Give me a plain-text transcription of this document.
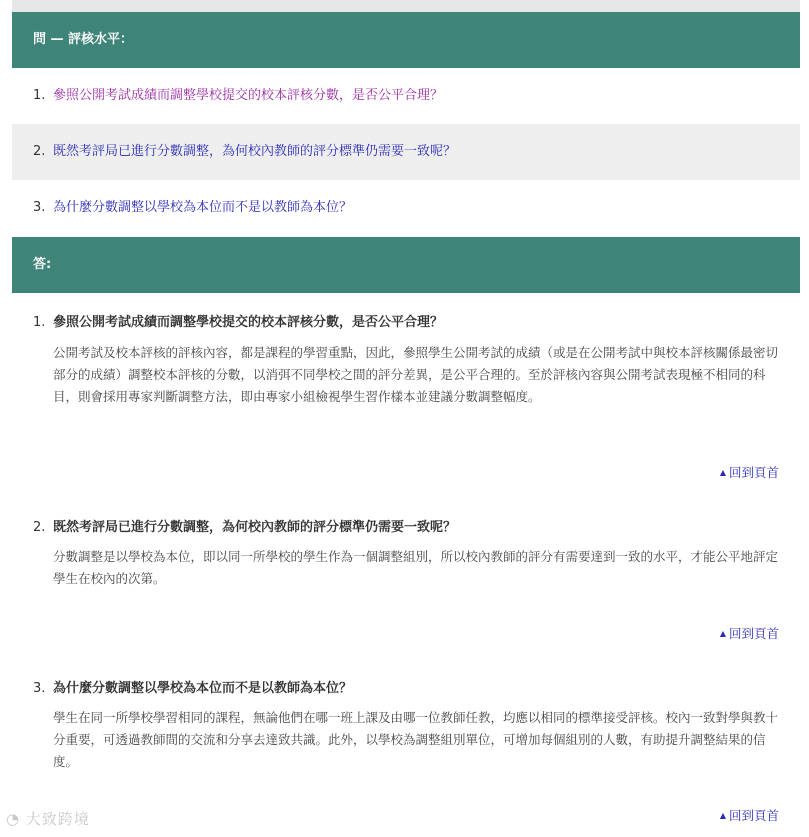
問 — 評核水平：
1. 參照公開考試成績而調整學校提交的校本評核分數，是否公平合理？
2. 既然考評局已進行分數調整，為何校內教師的評分標準仍需要一致呢？
3. 為什麼分數調整以學校為本位而不是以教師為本位？
答:
1. 參照公開考試成績而調整學校提交的校本評核分數，是否公平合理？
公開考試及校本評核的評核內容，都是課程的學習重點，因此，參照學生公開考試的成績（或是在公開考試中與校本評核關係最密切部分的成績）調整校本評核的分數，以消弭不同學校之間的評分差異，是公平合理的。至於評核內容與公開考試表現極不相同的科目，則會採用專家判斷調整方法，即由專家小組檢視學生習作樣本並建議分數調整幅度。
▲ 回到頁首
2. 既然考評局已進行分數調整，為何校內教師的評分標準仍需要一致呢？
分數調整是以學校為本位，即以同一所學校的學生作為一個調整組別，所以校內教師的評分有需要達到一致的水平，才能公平地評定學生在校內的次第。
▲ 回到頁首
3. 為什麼分數調整以學校為本位而不是以教師為本位？
學生在同一所學校學習相同的課程，無論他們在哪一班上課及由哪一位教師任教，均應以相同的標準接受評核。校內一致對學與教十分重要，可透過教師間的交流和分享去達致共識。此外，以學校為調整組別單位，可增加每個組別的人數，有助提升調整結果的信度。
▲ 回到頁首
◔ 大致跨境
